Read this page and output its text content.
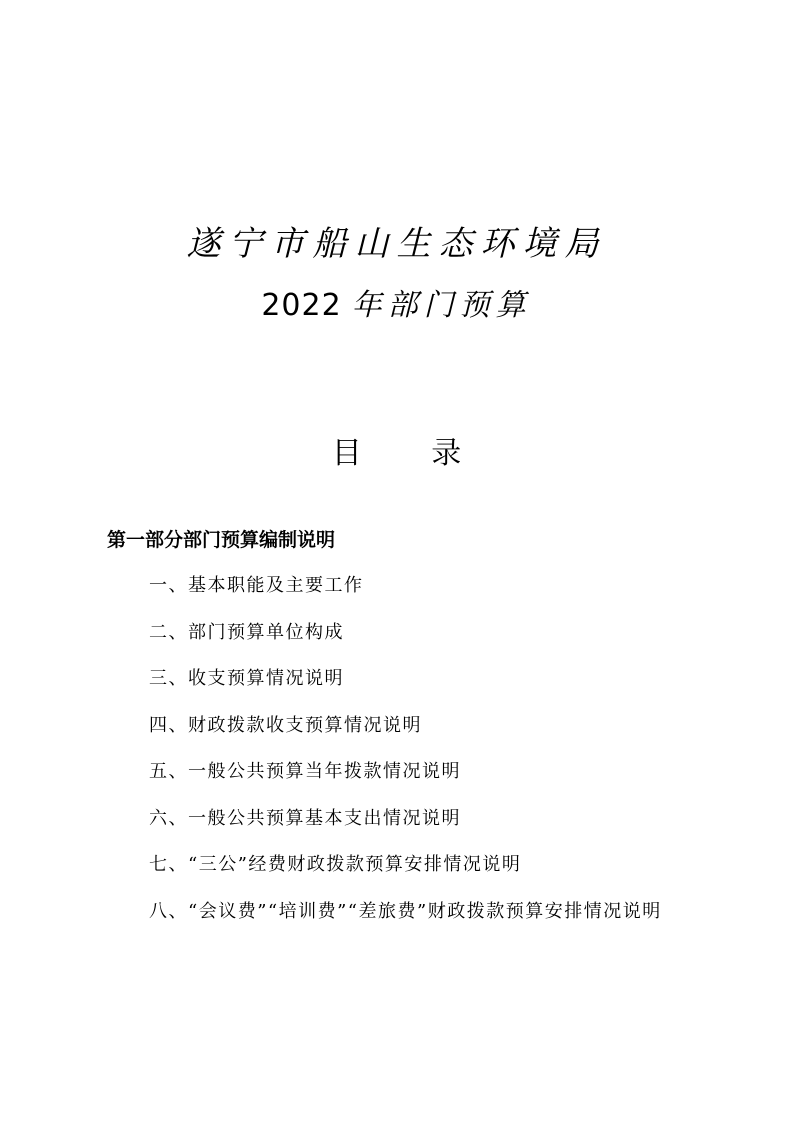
遂宁市船山生态环境局
2022 年部门预算
目 录
第一部分部门预算编制说明
一、基本职能及主要工作
二、部门预算单位构成
三、收支预算情况说明
四、财政拨款收支预算情况说明
五、一般公共预算当年拨款情况说明
六、一般公共预算基本支出情况说明
七、“三公”经费财政拨款预算安排情况说明
八、“会议费”“培训费”“差旅费”财政拨款预算安排情况说明
